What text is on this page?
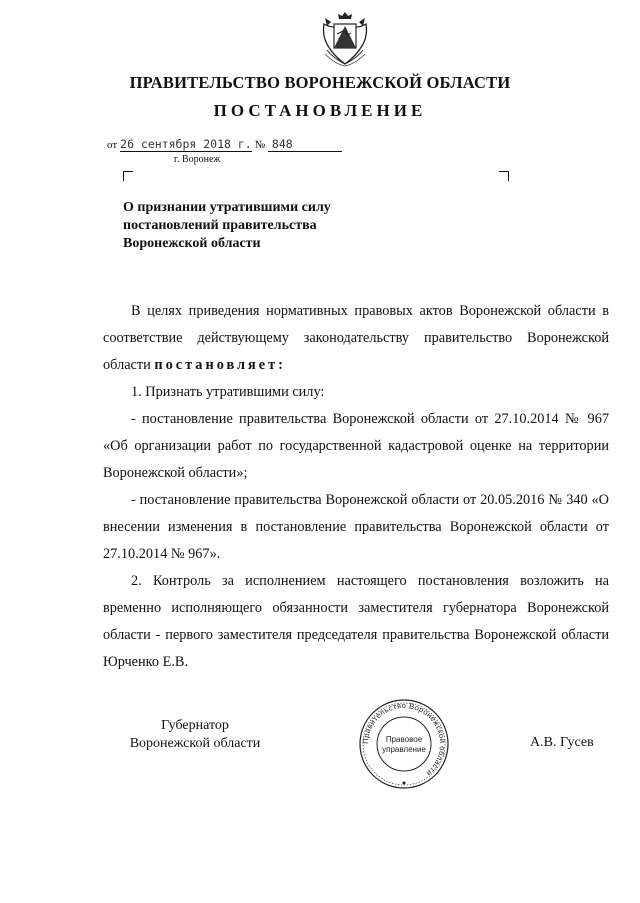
ПРАВИТЕЛЬСТВО ВОРОНЕЖСКОЙ ОБЛАСТИ
ПОСТАНОВЛЕНИЕ
от 26 сентября 2018 г. № 848
г. Воронеж
О признании утратившими силу
постановлений правительства
Воронежской области

В целях приведения нормативных правовых актов Воронежской области в соответствие действующему законодательству правительство Воронежской области постановляет:

1. Признать утратившими силу:

- постановление правительства Воронежской области от 27.10.2014 № 967 «Об организации работ по государственной кадастровой оценке на территории Воронежской области»;

- постановление правительства Воронежской области от 20.05.2016 № 340 «О внесении изменения в постановление правительства Воронежской области от 27.10.2014 № 967».

2. Контроль за исполнением настоящего постановления возложить на временно исполняющего обязанности заместителя губернатора Воронежской области - первого заместителя председателя правительства Воронежской области Юрченко Е.В.

Губернатор
Воронежской области	Правительство Воронежской области
Правовое
управление	А.В. Гусев
